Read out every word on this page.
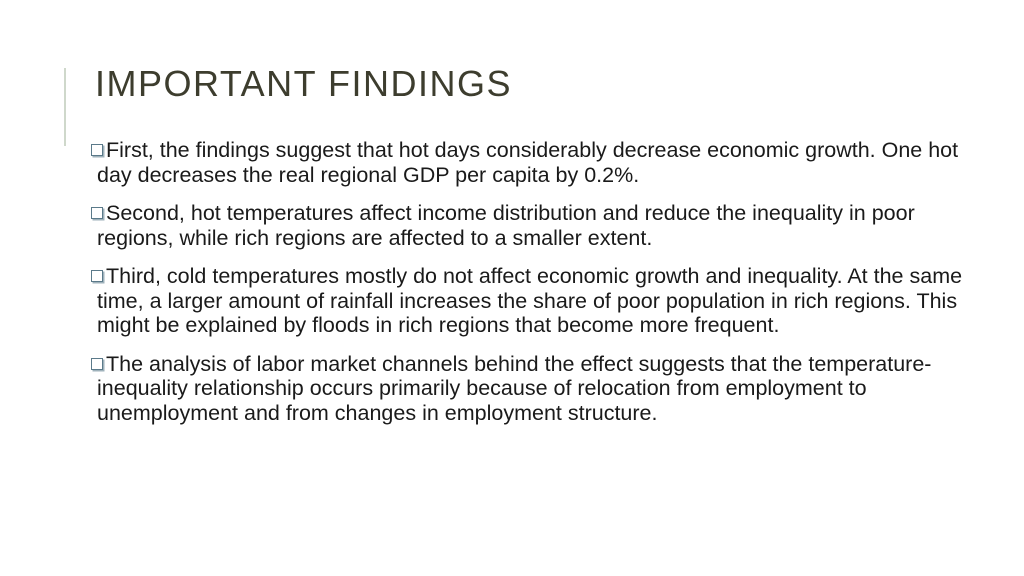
IMPORTANT FINDINGS
First, the findings suggest that hot days considerably decrease economic growth. One hot day decreases the real regional GDP per capita by 0.2%.
Second, hot temperatures affect income distribution and reduce the inequality in poor regions, while rich regions are affected to a smaller extent.
Third, cold temperatures mostly do not affect economic growth and inequality. At the same time, a larger amount of rainfall increases the share of poor population in rich regions. This might be explained by floods in rich regions that become more frequent.
The analysis of labor market channels behind the effect suggests that the temperature-inequality relationship occurs primarily because of relocation from employment to unemployment and from changes in employment structure.
